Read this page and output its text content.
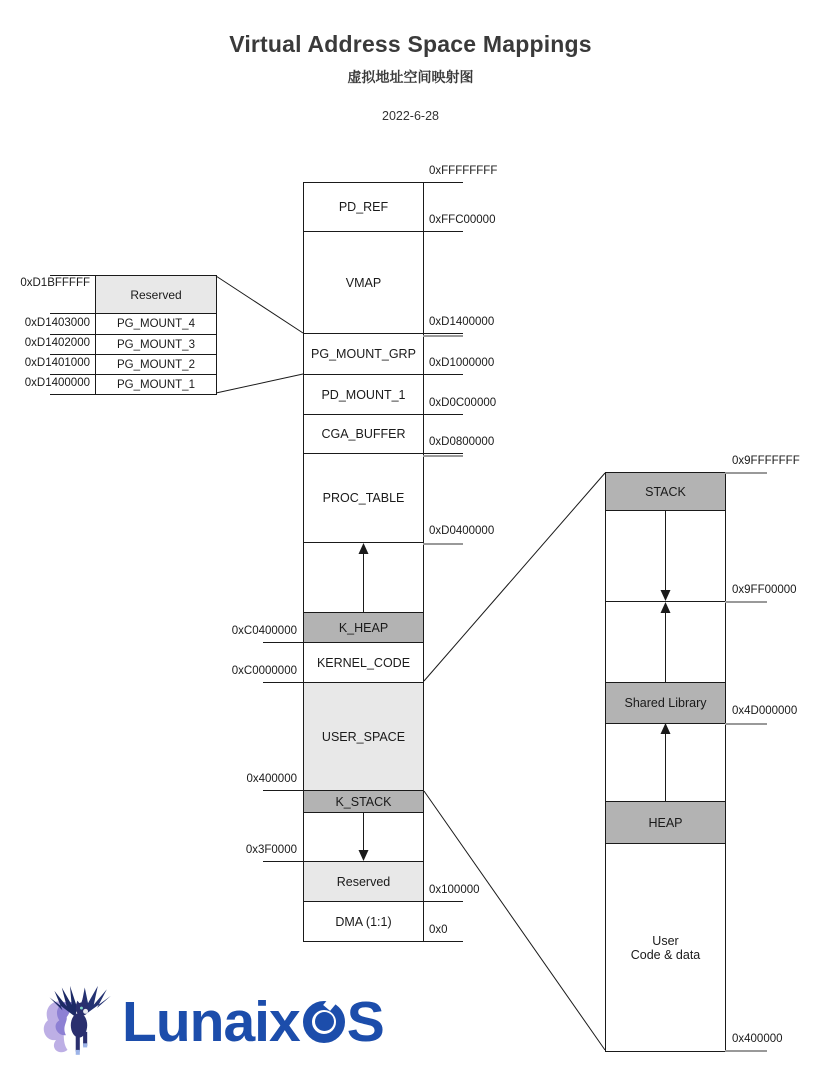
Virtual Address Space Mappings
虚拟地址空间映射图
2022-6-28
PD_REF
VMAP
PG_MOUNT_GRP
PD_MOUNT_1
CGA_BUFFER
PROC_TABLE
K_HEAP
KERNEL_CODE
USER_SPACE
K_STACK
Reserved
DMA (1:1)
0xFFFFFFFF
0xFFC00000
0xD1400000
0xD1000000
0xD0C00000
0xD0800000
0xD0400000
0x100000
0x0
0xC0400000
0xC0000000
0x400000
0x3F0000
Reserved
PG_MOUNT_4
PG_MOUNT_3
PG_MOUNT_2
PG_MOUNT_1
0xD1BFFFFF
0xD1403000
0xD1402000
0xD1401000
0xD1400000
STACK
Shared Library
HEAP
User
Code & data
0x9FFFFFFF
0x9FF00000
0x4D000000
0x400000
Lunaix S
